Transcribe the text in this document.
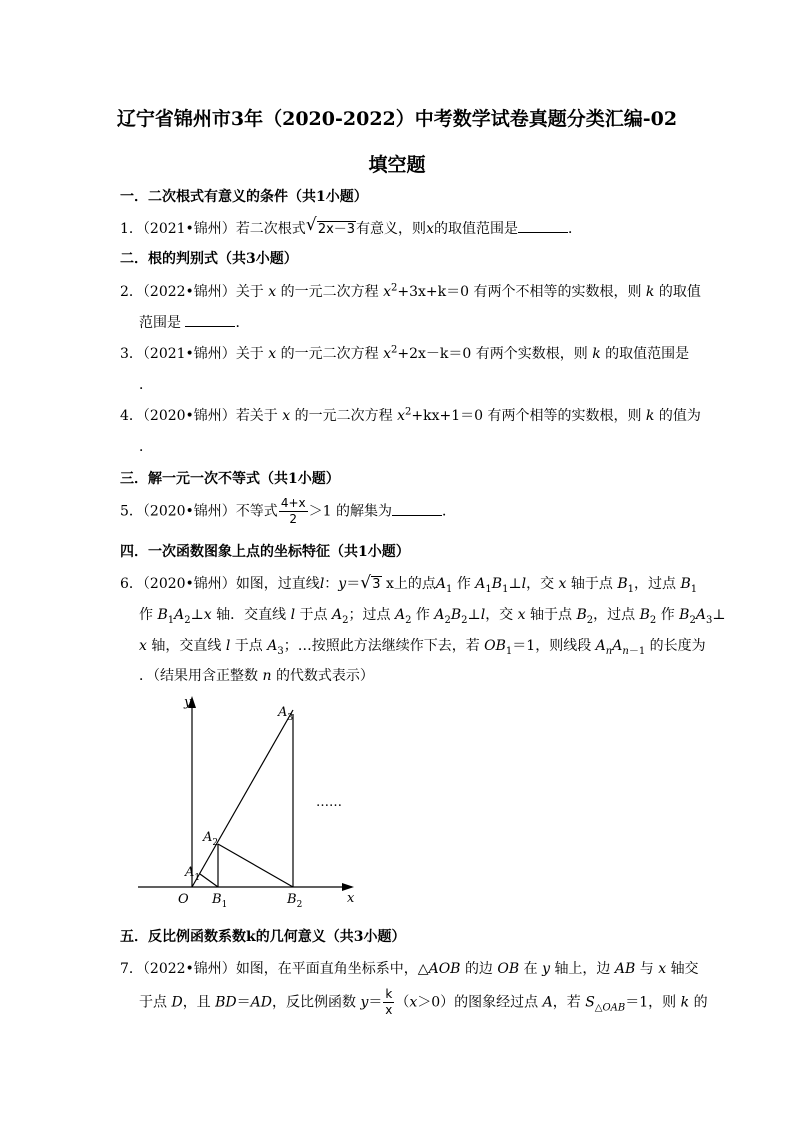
辽宁省锦州市3年（2020-2022）中考数学试卷真题分类汇编-02
填空题
一．二次根式有意义的条件（共1小题）
1．（2021•锦州）若二次根式 √ 2x－3有意义，则x的取值范围是	．
二．根的判别式（共3小题）
2．（2022•锦州）关于 x 的一元二次方程 $x^2+3x+k=0$ 有两个不相等的实数根，则 k 的取值
范围是	．
3．（2021•锦州）关于 x 的一元二次方程 $x^2+2x-k=0$ 有两个实数根，则 k 的取值范围是
．
4．（2020•锦州）若关于 x 的一元二次方程 $x^2+kx+1=0$ 有两个相等的实数根，则 k 的值为
．
三．解一元一次不等式（共1小题）
5．（2020•锦州）不等式 $\frac{4+x}{2} >1$ 的解集为	．
四．一次函数图象上点的坐标特征（共1小题）
6．（2020•锦州）如图，过直线l：y＝ √ 3 x上的点$A_1$ 作 $A_1B_1\perp l$，交 x 轴于点 $B_1$，过点 $B_1$
作 $B_1A_2\perp x$ 轴．交直线 l 于点 $A_2$；过点 $A_2$ 作 $A_2B_2\perp l$，交 x 轴于点 $B_2$，过点 $B_2$ 作 $B_2A_3\perp$
x 轴，交直线 l 于点 $A_3$；…按照此方法继续作下去，若 $OB_1=1$，则线段 $A_nA_{n-1}$ 的长度为
．（结果用含正整数 n 的代数式表示）
y
x
O
$A_1$
$A_2$
$A_3$
$B_1$	$B_2$
……
五．反比例函数系数k的几何意义（共3小题）
7．（2022•锦州）如图，在平面直角坐标系中，△AOB 的边 OB 在 y 轴上，边 AB 与 x 轴交
于点 D，且 BD＝AD，反比例函数 $y= \frac{k}{x} (x>0)$的图象经过点 A，若 $S_{\triangle OAB}=1$，则 k 的
